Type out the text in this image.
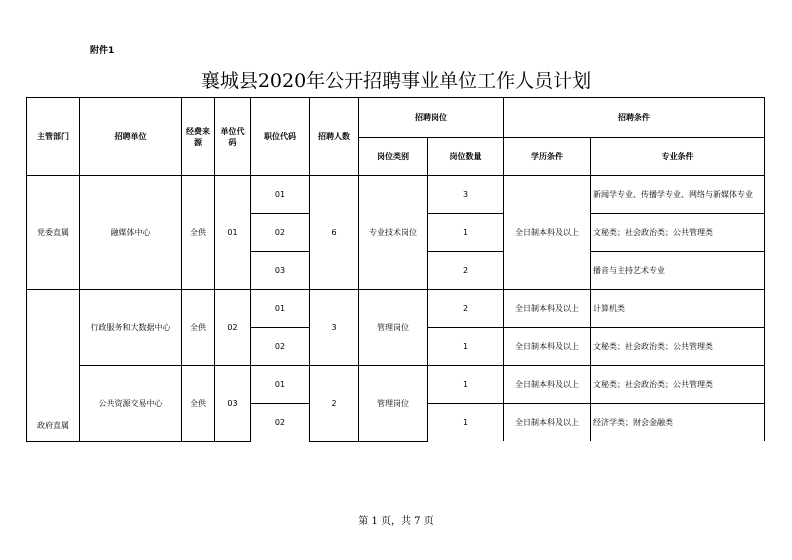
附件1
襄城县2020年公开招聘事业单位工作人员计划
主管部门	招聘单位	经费来源	单位代码	职位代码	招聘人数	招聘岗位		招聘条件	
						岗位类别	岗位数量	学历条件	专业条件
党委直属	融媒体中心	全供	01	01	6	专业技术岗位	3	全日制本科及以上	新闻学专业、传播学专业、网络与新媒体专业
				02			1		文秘类；社会政治类；公共管理类
				03			2		播音与主持艺术专业
政府直属	行政服务和大数据中心	全供	02	01	3	管理岗位	2	全日制本科及以上	计算机类
				02			1	全日制本科及以上	文秘类；社会政治类；公共管理类
	公共资源交易中心	全供	03	01	2	管理岗位	1	全日制本科及以上	文秘类；社会政治类；公共管理类
				02			1	全日制本科及以上	经济学类；财会金融类
第 1 页，共 7 页
